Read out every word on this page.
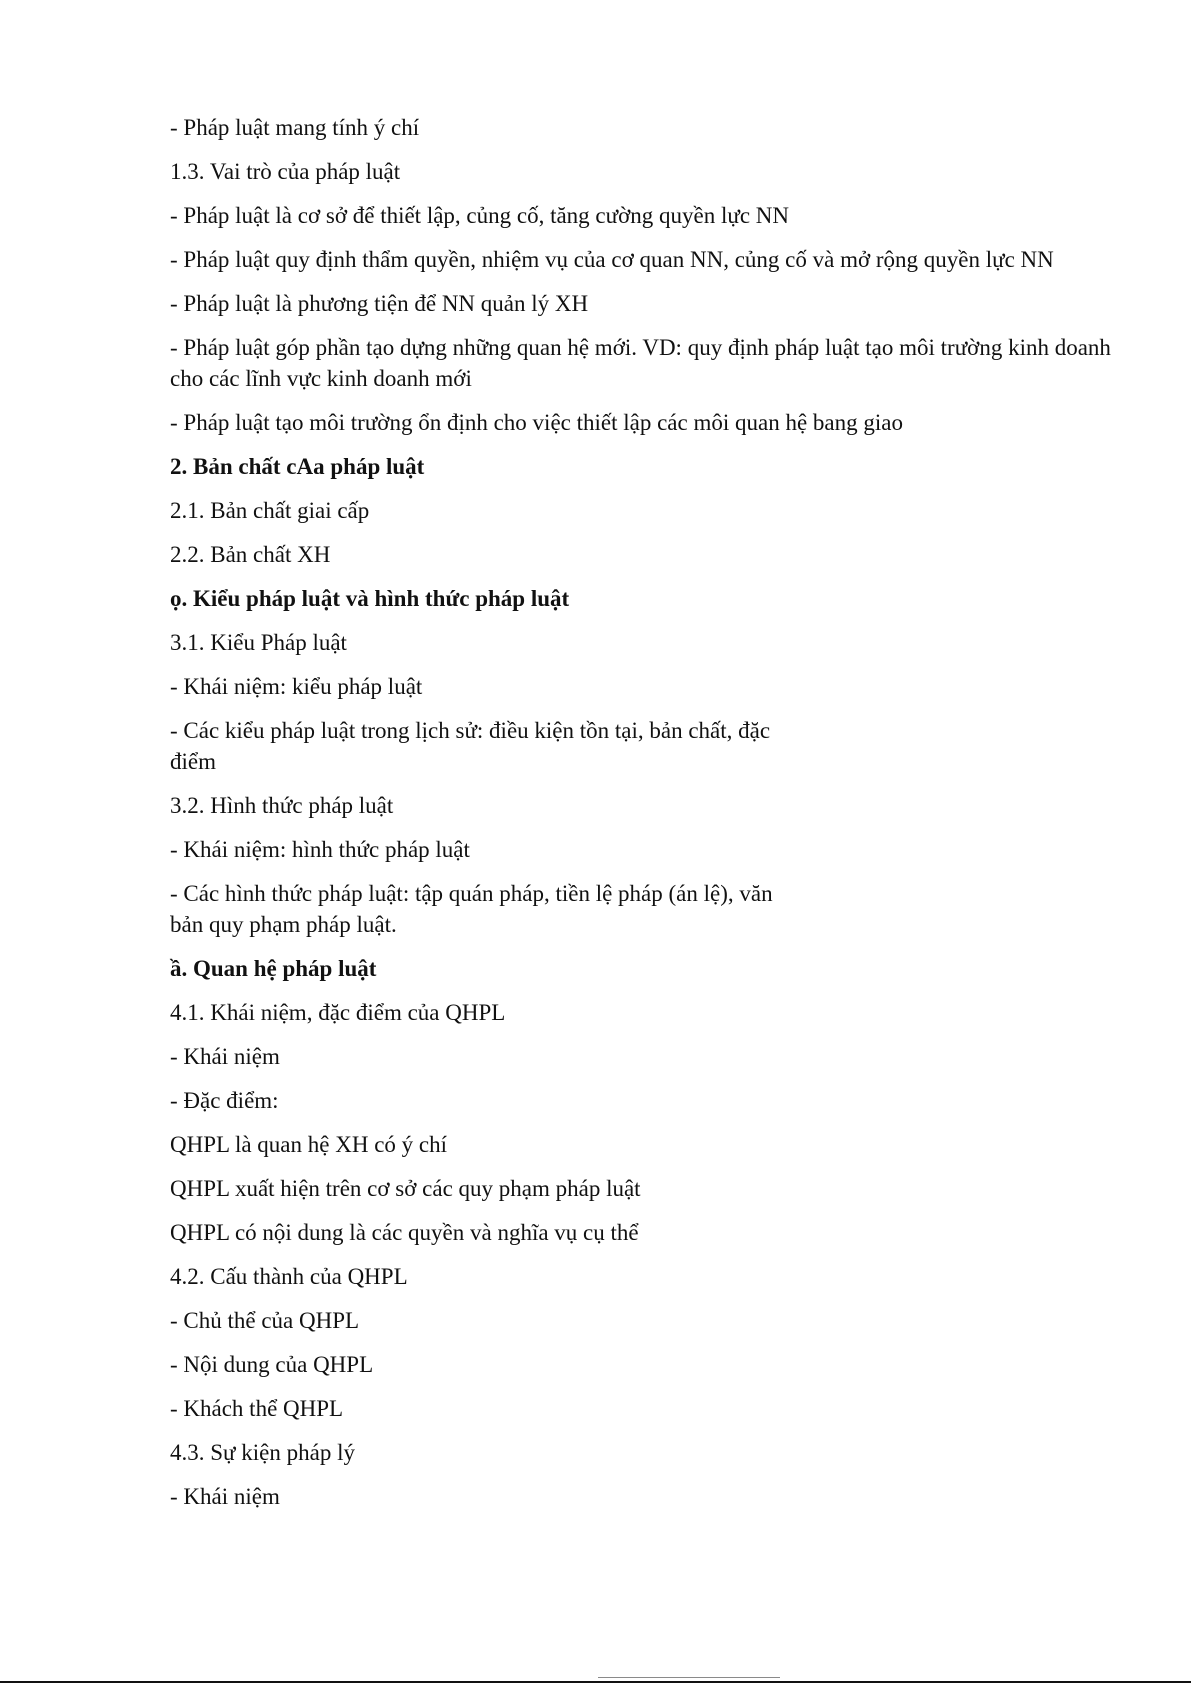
- Pháp luật mang tính ý chí

1.3. Vai trò của pháp luật

- Pháp luật là cơ sở để thiết lập, củng cố, tăng cường quyền lực NN

- Pháp luật quy định thẩm quyền, nhiệm vụ của cơ quan NN, củng cố và mở rộng quyền lực NN

- Pháp luật là phương tiện để NN quản lý XH

- Pháp luật góp phần tạo dựng những quan hệ mới. VD: quy định pháp luật tạo môi trường kinh doanh cho các lĩnh vực kinh doanh mới

- Pháp luật tạo môi trường ổn định cho việc thiết lập các môi quan hệ bang giao

2. Bản chất cAa pháp luật

2.1. Bản chất giai cấp

2.2. Bản chất XH

ọ. Kiểu pháp luật và hình thức pháp luật

3.1. Kiểu Pháp luật

- Khái niệm: kiểu pháp luật

- Các kiểu pháp luật trong lịch sử: điều kiện tồn tại, bản chất, đặc điểm

3.2. Hình thức pháp luật

- Khái niệm: hình thức pháp luật

- Các hình thức pháp luật: tập quán pháp, tiền lệ pháp (án lệ), văn bản quy phạm pháp luật.

ầ. Quan hệ pháp luật

4.1. Khái niệm, đặc điểm của QHPL

- Khái niệm

- Đặc điểm:

QHPL là quan hệ XH có ý chí

QHPL xuất hiện trên cơ sở các quy phạm pháp luật

QHPL có nội dung là các quyền và nghĩa vụ cụ thể

4.2. Cấu thành của QHPL

- Chủ thể của QHPL

- Nội dung của QHPL

- Khách thể QHPL

4.3. Sự kiện pháp lý

- Khái niệm
